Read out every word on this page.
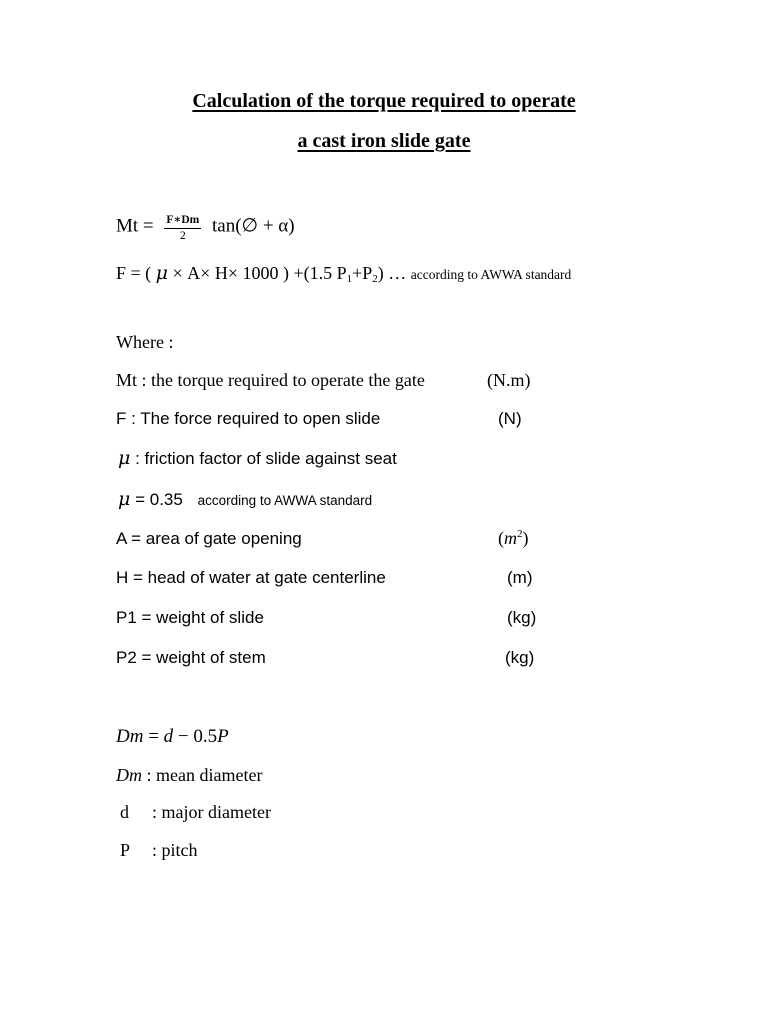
Calculation of the torque required to operate
a cast iron slide gate
$Mt = \frac{F∗Dm}{2}$ tan(∅ + α)
F = ( μ × A× H× 1000 ) +(1.5 $P_1+P_2$) … according to AWWA standard
Where :
Mt : the torque required to operate the gate	(N.m)
F : The force required to open slide	(N)
μ : friction factor of slide against seat
μ = 0.35 according to AWWA standard
A = area of gate opening	$(m^2)$
H = head of water at gate centerline	(m)
P1 = weight of slide	(kg)
P2 = weight of stem	(kg)
Dm = d − 0.5P
Dm : mean diameter
d : major diameter
P : pitch
